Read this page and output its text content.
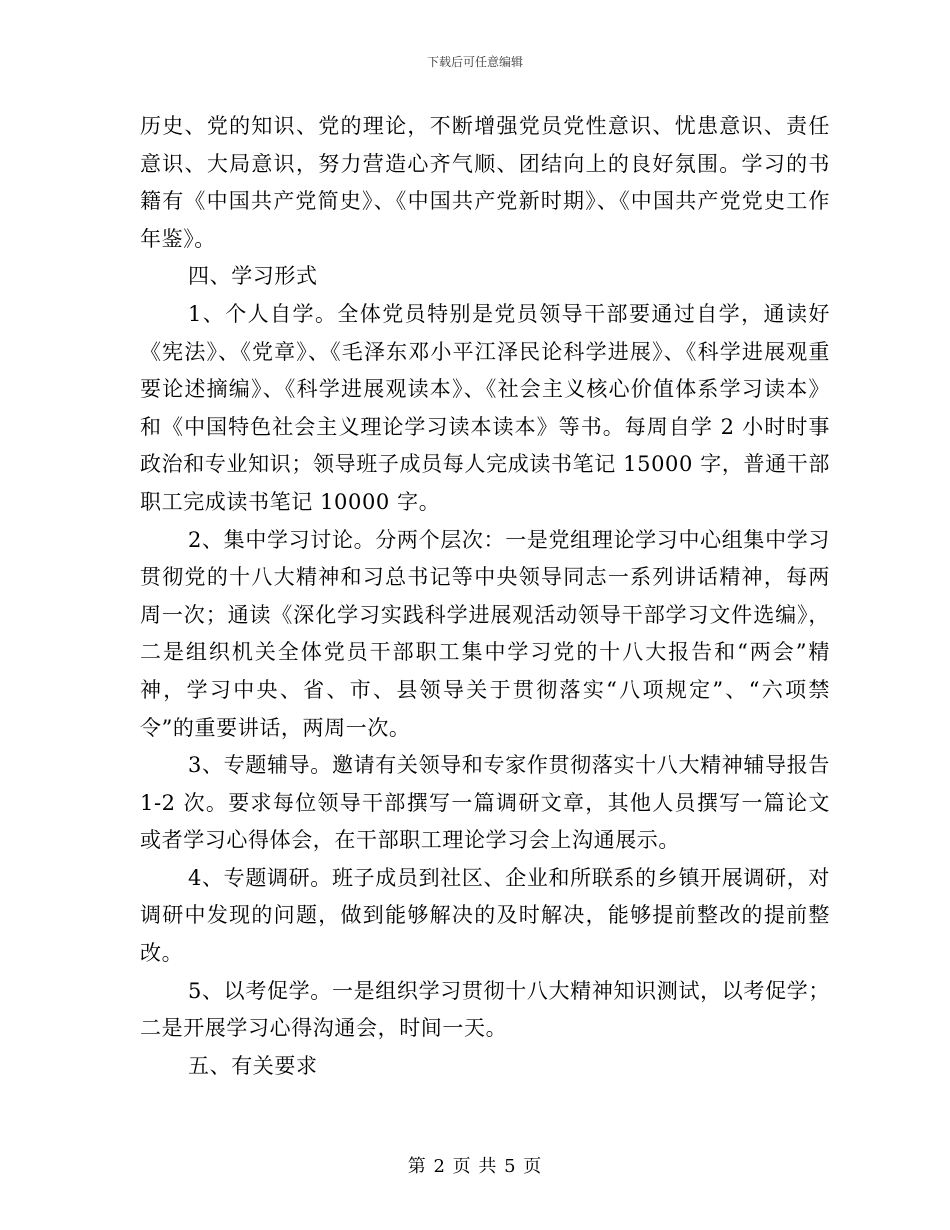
下载后可任意编辑

历史、党的知识、党的理论，不断增强党员党性意识、忧患意识、责任意识、大局意识，努力营造心齐气顺、团结向上的良好氛围。学习的书籍有《中国共产党简史》、《中国共产党新时期》、《中国共产党党史工作年鉴》。

四、学习形式

1、个人自学。全体党员特别是党员领导干部要通过自学，通读好《宪法》、《党章》、《毛泽东邓小平江泽民论科学进展》、《科学进展观重要论述摘编》、《科学进展观读本》、《社会主义核心价值体系学习读本》和《中国特色社会主义理论学习读本读本》等书。每周自学 2 小时时事政治和专业知识；领导班子成员每人完成读书笔记 15000 字，普通干部职工完成读书笔记 10000 字。

2、集中学习讨论。分两个层次：一是党组理论学习中心组集中学习贯彻党的十八大精神和习总书记等中央领导同志一系列讲话精神，每两周一次；通读《深化学习实践科学进展观活动领导干部学习文件选编》，二是组织机关全体党员干部职工集中学习党的十八大报告和“两会”精神，学习中央、省、市、县领导关于贯彻落实“八项规定”、“六项禁令”的重要讲话，两周一次。

3、专题辅导。邀请有关领导和专家作贯彻落实十八大精神辅导报告 1-2 次。要求每位领导干部撰写一篇调研文章，其他人员撰写一篇论文或者学习心得体会，在干部职工理论学习会上沟通展示。

4、专题调研。班子成员到社区、企业和所联系的乡镇开展调研，对调研中发现的问题，做到能够解决的及时解决，能够提前整改的提前整改。

5、以考促学。一是组织学习贯彻十八大精神知识测试，以考促学；二是开展学习心得沟通会，时间一天。

五、有关要求

第 2 页 共 5 页
